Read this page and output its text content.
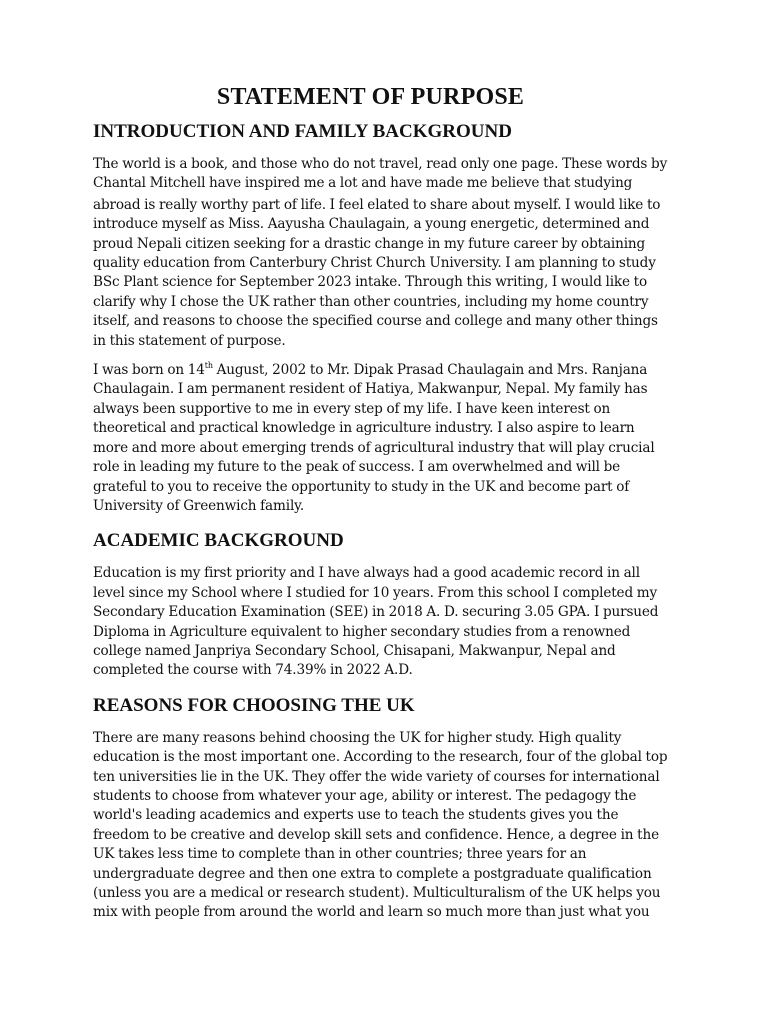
STATEMENT OF PURPOSE
INTRODUCTION AND FAMILY BACKGROUND

The world is a book, and those who do not travel, read only one page. These words by
Chantal Mitchell have inspired me a lot and have made me believe that studying
abroad is really worthy part of life. I feel elated to share about myself. I would like to
introduce myself as Miss. Aayusha Chaulagain, a young energetic, determined and
proud Nepali citizen seeking for a drastic change in my future career by obtaining
quality education from Canterbury Christ Church University. I am planning to study
BSc Plant science for September 2023 intake. Through this writing, I would like to
clarify why I chose the UK rather than other countries, including my home country
itself, and reasons to choose the specified course and college and many other things
in this statement of purpose.

I was born on 14th August, 2002 to Mr. Dipak Prasad Chaulagain and Mrs. Ranjana
Chaulagain. I am permanent resident of Hatiya, Makwanpur, Nepal. My family has
always been supportive to me in every step of my life. I have keen interest on
theoretical and practical knowledge in agriculture industry. I also aspire to learn
more and more about emerging trends of agricultural industry that will play crucial
role in leading my future to the peak of success. I am overwhelmed and will be
grateful to you to receive the opportunity to study in the UK and become part of
University of Greenwich family.

ACADEMIC BACKGROUND

Education is my first priority and I have always had a good academic record in all
level since my School where I studied for 10 years. From this school I completed my
Secondary Education Examination (SEE) in 2018 A. D. securing 3.05 GPA. I pursued
Diploma in Agriculture equivalent to higher secondary studies from a renowned
college named Janpriya Secondary School, Chisapani, Makwanpur, Nepal and
completed the course with 74.39% in 2022 A.D.

REASONS FOR CHOOSING THE UK

There are many reasons behind choosing the UK for higher study. High quality
education is the most important one. According to the research, four of the global top
ten universities lie in the UK. They offer the wide variety of courses for international
students to choose from whatever your age, ability or interest. The pedagogy the
world's leading academics and experts use to teach the students gives you the
freedom to be creative and develop skill sets and confidence. Hence, a degree in the
UK takes less time to complete than in other countries; three years for an
undergraduate degree and then one extra to complete a postgraduate qualification
(unless you are a medical or research student). Multiculturalism of the UK helps you
mix with people from around the world and learn so much more than just what you
